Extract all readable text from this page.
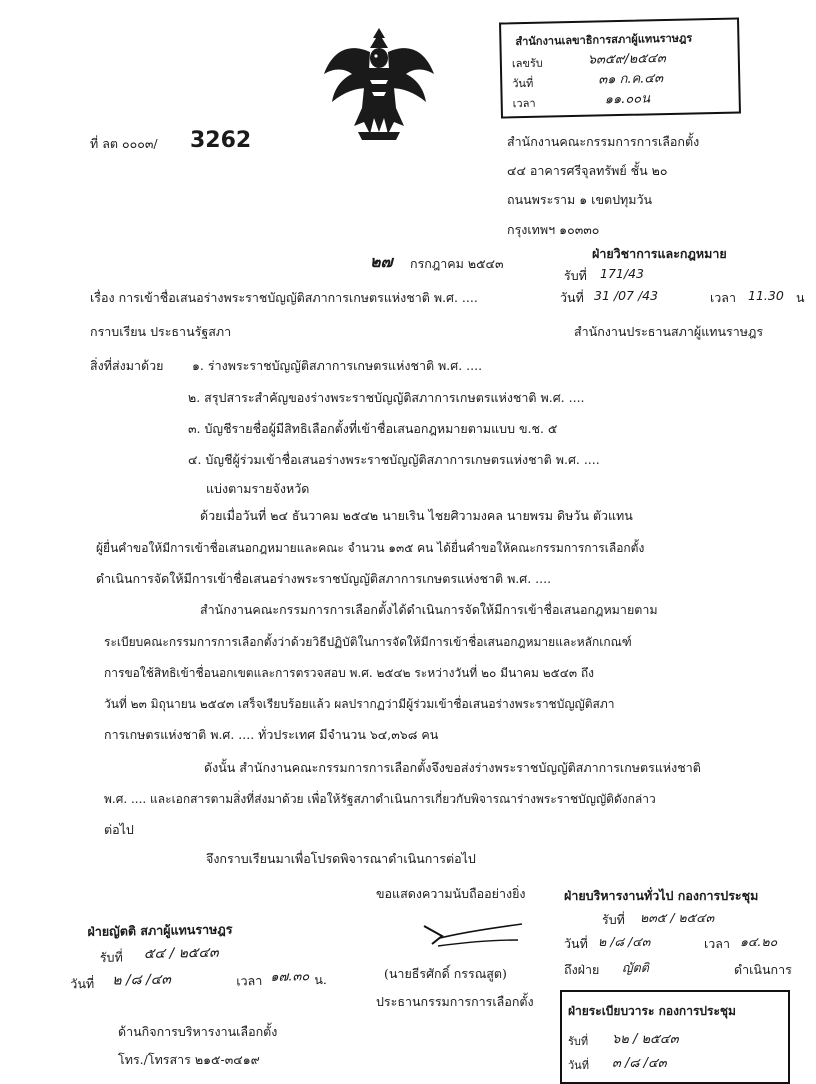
สำนักงานเลขาธิการสภาผู้แทนราษฎร
เลขรับ	๖๓๕๙/๒๕๔๓
วันที่	๓๑ ก.ค.๔๓
เวลา	๑๑.๐๐น
ที่ ลต ๐๐๐๓/ 3262	สำนักงานคณะกรรมการการเลือกตั้ง
๔๔ อาคารศรีจุลทรัพย์ ชั้น ๒๐
ถนนพระราม ๑ เขตปทุมวัน
กรุงเทพฯ ๑๐๓๓๐
๒๗ กรกฎาคม ๒๕๔๓
ฝ่ายวิชาการและกฎหมาย
รับที่ 171/43
วันที่ 31 /07 /43	เวลา 11.30 น
สำนักงานประธานสภาผู้แทนราษฎร
เรื่อง การเข้าชื่อเสนอร่างพระราชบัญญัติสภาการเกษตรแห่งชาติ พ.ศ. ....
กราบเรียน ประธานรัฐสภา
สิ่งที่ส่งมาด้วย ๑. ร่างพระราชบัญญัติสภาการเกษตรแห่งชาติ พ.ศ. ....
๒. สรุปสาระสำคัญของร่างพระราชบัญญัติสภาการเกษตรแห่งชาติ พ.ศ. ....
๓. บัญชีรายชื่อผู้มีสิทธิเลือกตั้งที่เข้าชื่อเสนอกฎหมายตามแบบ ข.ช. ๕
๔. บัญชีผู้ร่วมเข้าชื่อเสนอร่างพระราชบัญญัติสภาการเกษตรแห่งชาติ พ.ศ. ....
แบ่งตามรายจังหวัด
ด้วยเมื่อวันที่ ๒๔ ธันวาคม ๒๕๔๒ นายเริน ไชยศิวามงคล นายพรม ดิษวัน ตัวแทน
ผู้ยื่นคำขอให้มีการเข้าชื่อเสนอกฎหมายและคณะ จำนวน ๑๓๕ คน ได้ยื่นคำขอให้คณะกรรมการการเลือกตั้ง
ดำเนินการจัดให้มีการเข้าชื่อเสนอร่างพระราชบัญญัติสภาการเกษตรแห่งชาติ พ.ศ. ....
สำนักงานคณะกรรมการการเลือกตั้งได้ดำเนินการจัดให้มีการเข้าชื่อเสนอกฎหมายตาม
ระเบียบคณะกรรมการการเลือกตั้งว่าด้วยวิธีปฏิบัติในการจัดให้มีการเข้าชื่อเสนอกฎหมายและหลักเกณฑ์
การขอใช้สิทธิเข้าชื่อนอกเขตและการตรวจสอบ พ.ศ. ๒๕๔๒ ระหว่างวันที่ ๒๐ มีนาคม ๒๕๔๓ ถึง
วันที่ ๒๓ มิถุนายน ๒๕๔๓ เสร็จเรียบร้อยแล้ว ผลปรากฏว่ามีผู้ร่วมเข้าชื่อเสนอร่างพระราชบัญญัติสภา
การเกษตรแห่งชาติ พ.ศ. .... ทั่วประเทศ มีจำนวน ๖๔,๓๖๘ คน
ดังนั้น สำนักงานคณะกรรมการการเลือกตั้งจึงขอส่งร่างพระราชบัญญัติสภาการเกษตรแห่งชาติ
พ.ศ. .... และเอกสารตามสิ่งที่ส่งมาด้วย เพื่อให้รัฐสภาดำเนินการเกี่ยวกับพิจารณาร่างพระราชบัญญัติดังกล่าว
ต่อไป
จึงกราบเรียนมาเพื่อโปรดพิจารณาดำเนินการต่อไป
ขอแสดงความนับถืออย่างยิ่ง
(นายธีรศักดิ์ กรรณสูต)
ประธานกรรมการการเลือกตั้ง
ฝ่ายญัตติ สภาผู้แทนราษฎร
รับที่ ๕๔ / ๒๕๔๓
วันที่ ๒ /๘ /๔๓	เวลา ๑๗.๓๐ น.
ฝ่ายบริหารงานทั่วไป กองการประชุม
รับที่ ๒๓๕ / ๒๕๔๓
วันที่ ๒ /๘ /๔๓	เวลา ๑๔.๒๐
ถึงฝ่าย ญัตติ	ดำเนินการ
ฝ่ายระเบียบวาระ กองการประชุม
รับที่ ๖๒ / ๒๕๔๓
วันที่ ๓ /๘ /๔๓
ด้านกิจการบริหารงานเลือกตั้ง
โทร./โทรสาร ๒๑๕-๓๔๑๙
